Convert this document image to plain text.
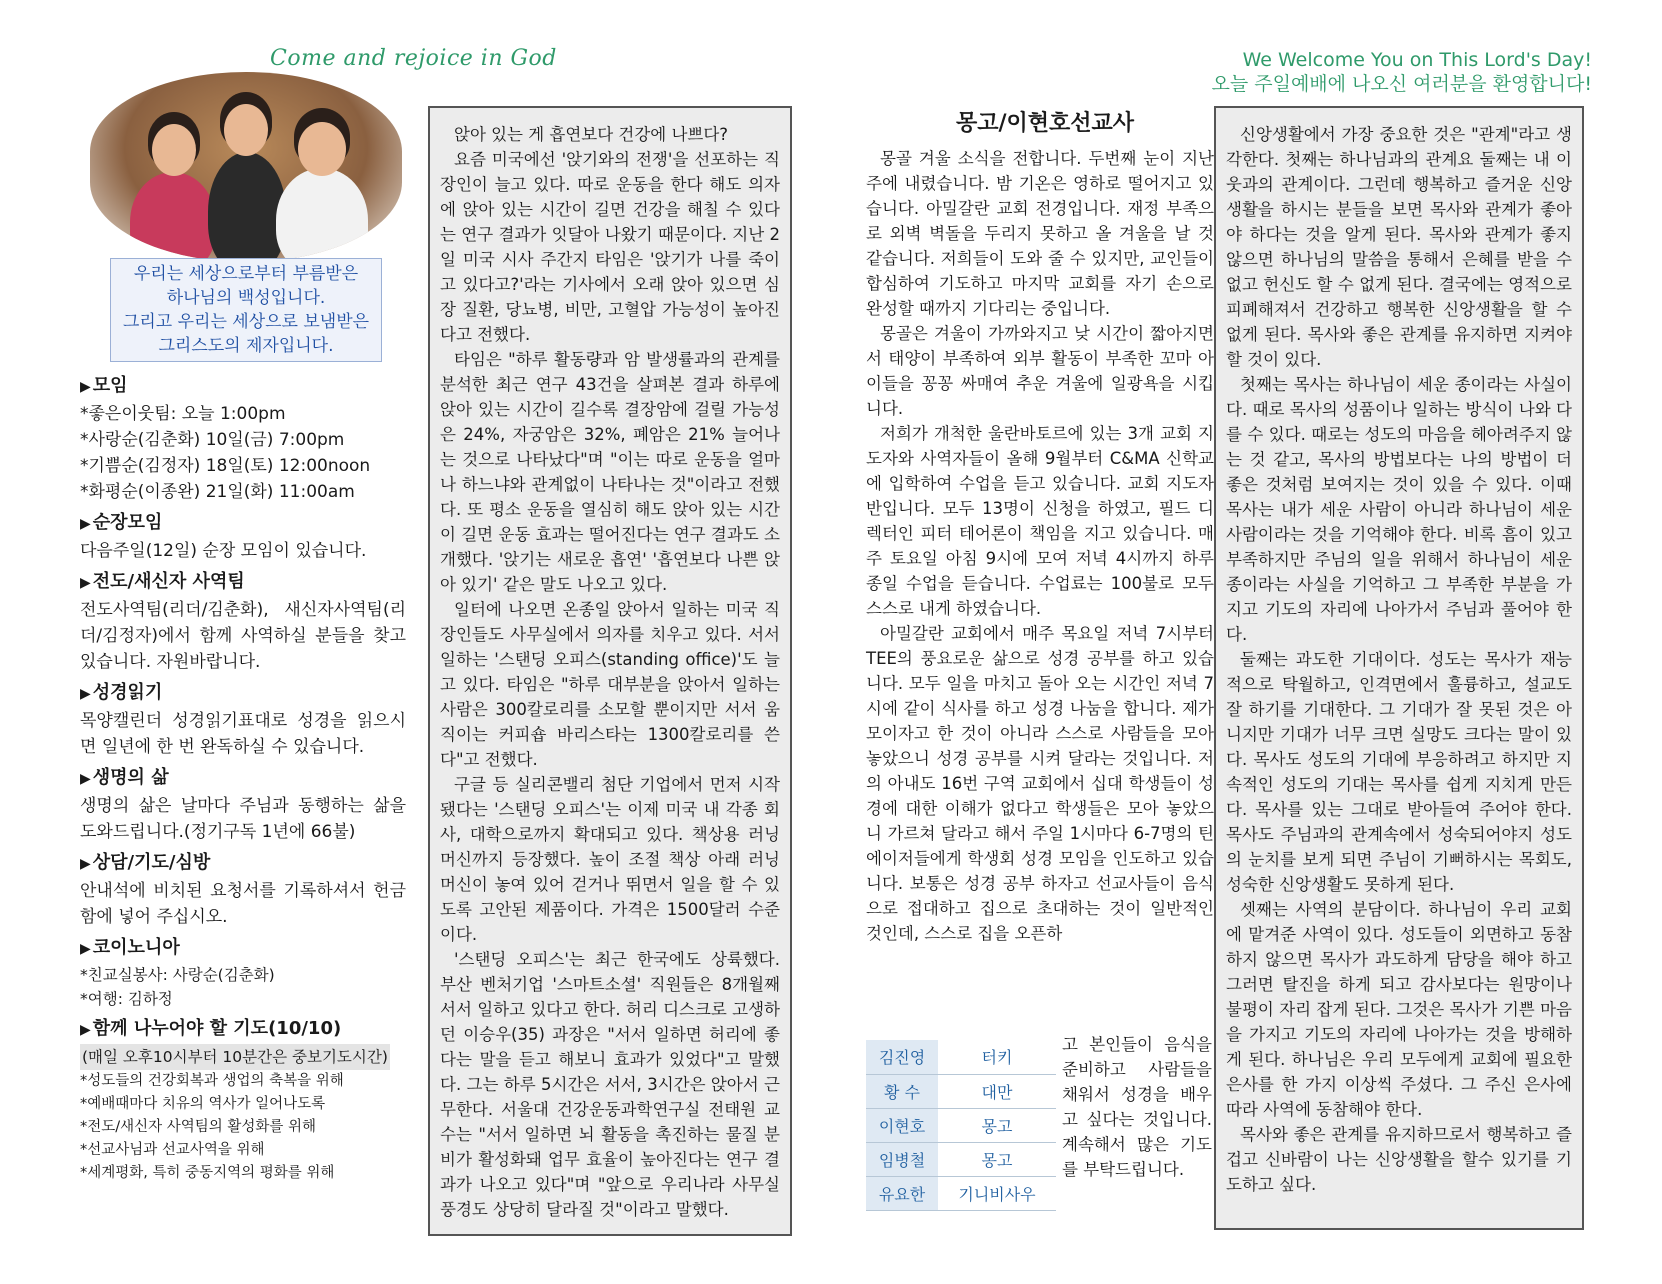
Come and rejoice in God	We Welcome You on This Lord's Day!
오늘 주일예배에 나오신 여러분을 환영합니다!
우리는 세상으로부터 부름받은
하나님의 백성입니다.
그리고 우리는 세상으로 보냄받은
그리스도의 제자입니다.
▶ 모임
*좋은이웃팀: 오늘 1:00pm
*사랑순(김춘화) 10일(금) 7:00pm
*기쁨순(김정자) 18일(토) 12:00noon
*화평순(이종완) 21일(화) 11:00am
▶ 순장모임
다음주일(12일) 순장 모임이 있습니다.
▶ 전도/새신자 사역팀
전도사역팀(리더/김춘화), 새신자사역팀(리더/김정자)에서 함께 사역하실 분들을 찾고 있습니다. 자원바랍니다.
▶ 성경읽기
목양캘린더 성경읽기표대로 성경을 읽으시면 일년에 한 번 완독하실 수 있습니다.
▶ 생명의 삶
생명의 삶은 날마다 주님과 동행하는 삶을 도와드립니다.(정기구독 1년에 66불)
▶ 상담/기도/심방
안내석에 비치된 요청서를 기록하셔서 헌금함에 넣어 주십시오.
▶ 코이노니아
*친교실봉사: 사랑순(김춘화)
*여행: 김하정
▶ 함께 나누어야 할 기도(10/10)
(매일 오후10시부터 10분간은 중보기도시간)
*성도들의 건강회복과 생업의 축복을 위해
*예배때마다 치유의 역사가 일어나도록
*전도/새신자 사역팀의 활성화를 위해
*선교사님과 선교사역을 위해
*세계평화, 특히 중동지역의 평화를 위해
앉아 있는 게 흡연보다 건강에 나쁘다?
요즘 미국에선 '앉기와의 전쟁'을 선포하는 직장인이 늘고 있다. 따로 운동을 한다 해도 의자에 앉아 있는 시간이 길면 건강을 해칠 수 있다는 연구 결과가 잇달아 나왔기 때문이다. 지난 2일 미국 시사 주간지 타임은 '앉기가 나를 죽이고 있다고?'라는 기사에서 오래 앉아 있으면 심장 질환, 당뇨병, 비만, 고혈압 가능성이 높아진다고 전했다.
타임은 "하루 활동량과 암 발생률과의 관계를 분석한 최근 연구 43건을 살펴본 결과 하루에 앉아 있는 시간이 길수록 결장암에 걸릴 가능성은 24%, 자궁암은 32%, 폐암은 21% 늘어나는 것으로 나타났다"며 "이는 따로 운동을 얼마나 하느냐와 관계없이 나타나는 것"이라고 전했다. 또 평소 운동을 열심히 해도 앉아 있는 시간이 길면 운동 효과는 떨어진다는 연구 결과도 소개했다. '앉기는 새로운 흡연' '흡연보다 나쁜 앉아 있기' 같은 말도 나오고 있다.
일터에 나오면 온종일 앉아서 일하는 미국 직장인들도 사무실에서 의자를 치우고 있다. 서서 일하는 '스탠딩 오피스(standing office)'도 늘고 있다. 타임은 "하루 대부분을 앉아서 일하는 사람은 300칼로리를 소모할 뿐이지만 서서 움직이는 커피숍 바리스타는 1300칼로리를 쓴다"고 전했다.
구글 등 실리콘밸리 첨단 기업에서 먼저 시작됐다는 '스탠딩 오피스'는 이제 미국 내 각종 회사, 대학으로까지 확대되고 있다. 책상용 러닝 머신까지 등장했다. 높이 조절 책상 아래 러닝 머신이 놓여 있어 걷거나 뛰면서 일을 할 수 있도록 고안된 제품이다. 가격은 1500달러 수준이다.
'스탠딩 오피스'는 최근 한국에도 상륙했다. 부산 벤처기업 '스마트소셜' 직원들은 8개월째 서서 일하고 있다고 한다. 허리 디스크로 고생하던 이승우(35) 과장은 "서서 일하면 허리에 좋다는 말을 듣고 해보니 효과가 있었다"고 말했다. 그는 하루 5시간은 서서, 3시간은 앉아서 근무한다. 서울대 건강운동과학연구실 전태원 교수는 "서서 일하면 뇌 활동을 촉진하는 물질 분비가 활성화돼 업무 효율이 높아진다는 연구 결과가 나오고 있다"며 "앞으로 우리나라 사무실 풍경도 상당히 달라질 것"이라고 말했다.
몽고/이현호선교사
몽골 겨울 소식을 전합니다. 두번째 눈이 지난 주에 내렸습니다. 밤 기온은 영하로 떨어지고 있습니다. 아밀갈란 교회 전경입니다. 재정 부족으로 외벽 벽돌을 두리지 못하고 올 겨울을 날 것 같습니다. 저희들이 도와 줄 수 있지만, 교인들이 합심하여 기도하고 마지막 교회를 자기 손으로 완성할 때까지 기다리는 중입니다.
몽골은 겨울이 가까와지고 낮 시간이 짧아지면서 태양이 부족하여 외부 활동이 부족한 꼬마 아이들을 꽁꽁 싸매여 추운 겨울에 일광욕을 시킵니다.
저희가 개척한 울란바토르에 있는 3개 교회 지도자와 사역자들이 올해 9월부터 C&MA 신학교에 입학하여 수업을 듣고 있습니다. 교회 지도자 반입니다. 모두 13명이 신청을 하였고, 필드 디렉터인 피터 테어론이 책임을 지고 있습니다. 매주 토요일 아침 9시에 모여 저녁 4시까지 하루 종일 수업을 듣습니다. 수업료는 100불로 모두 스스로 내게 하였습니다.
아밀갈란 교회에서 매주 목요일 저녁 7시부터 TEE의 풍요로운 삶으로 성경 공부를 하고 있습니다. 모두 일을 마치고 돌아 오는 시간인 저녁 7시에 같이 식사를 하고 성경 나눔을 합니다. 제가 모이자고 한 것이 아니라 스스로 사람들을 모아 놓았으니 성경 공부를 시켜 달라는 것입니다. 저의 아내도 16번 구역 교회에서 십대 학생들이 성경에 대한 이해가 없다고 학생들은 모아 놓았으니 가르쳐 달라고 해서 주일 1시마다 6-7명의 틴에이저들에게 학생회 성경 모임을 인도하고 있습니다. 보통은 성경 공부 하자고 선교사들이 음식으로 접대하고 집으로 초대하는 것이 일반적인 것인데, 스스로 집을 오픈하
김진영	터키
황 수	대만
이현호	몽고
임병철	몽고
유요한	기니비사우
고 본인들이 음식을 준비하고 사람들을 채워서 성경을 배우고 싶다는 것입니다. 계속해서 많은 기도를 부탁드립니다.
신앙생활에서 가장 중요한 것은 "관계"라고 생각한다. 첫째는 하나님과의 관계요 둘째는 내 이웃과의 관계이다. 그런데 행복하고 즐거운 신앙생활을 하시는 분들을 보면 목사와 관계가 좋아야 하다는 것을 알게 된다. 목사와 관계가 좋지 않으면 하나님의 말씀을 통해서 은혜를 받을 수 없고 헌신도 할 수 없게 된다. 결국에는 영적으로 피폐해져서 건강하고 행복한 신앙생활을 할 수 없게 된다. 목사와 좋은 관계를 유지하면 지켜야 할 것이 있다.
첫째는 목사는 하나님이 세운 종이라는 사실이다. 때로 목사의 성품이나 일하는 방식이 나와 다를 수 있다. 때로는 성도의 마음을 헤아려주지 않는 것 같고, 목사의 방법보다는 나의 방법이 더 좋은 것처럼 보여지는 것이 있을 수 있다. 이때 목사는 내가 세운 사람이 아니라 하나님이 세운 사람이라는 것을 기억해야 한다. 비록 흠이 있고 부족하지만 주님의 일을 위해서 하나님이 세운 종이라는 사실을 기억하고 그 부족한 부분을 가지고 기도의 자리에 나아가서 주님과 풀어야 한다.
둘째는 과도한 기대이다. 성도는 목사가 재능적으로 탁월하고, 인격면에서 훌륭하고, 설교도 잘 하기를 기대한다. 그 기대가 잘 못된 것은 아니지만 기대가 너무 크면 실망도 크다는 말이 있다. 목사도 성도의 기대에 부응하려고 하지만 지속적인 성도의 기대는 목사를 쉽게 지치게 만든다. 목사를 있는 그대로 받아들여 주어야 한다. 목사도 주님과의 관계속에서 성숙되어야지 성도의 눈치를 보게 되면 주님이 기뻐하시는 목회도, 성숙한 신앙생활도 못하게 된다.
셋째는 사역의 분담이다. 하나님이 우리 교회에 맡겨준 사역이 있다. 성도들이 외면하고 동참하지 않으면 목사가 과도하게 담당을 해야 하고 그러면 탈진을 하게 되고 감사보다는 원망이나 불평이 자리 잡게 된다. 그것은 목사가 기쁜 마음을 가지고 기도의 자리에 나아가는 것을 방해하게 된다. 하나님은 우리 모두에게 교회에 필요한 은사를 한 가지 이상씩 주셨다. 그 주신 은사에 따라 사역에 동참해야 한다.
목사와 좋은 관계를 유지하므로서 행복하고 즐겁고 신바람이 나는 신앙생활을 할수 있기를 기도하고 싶다.
